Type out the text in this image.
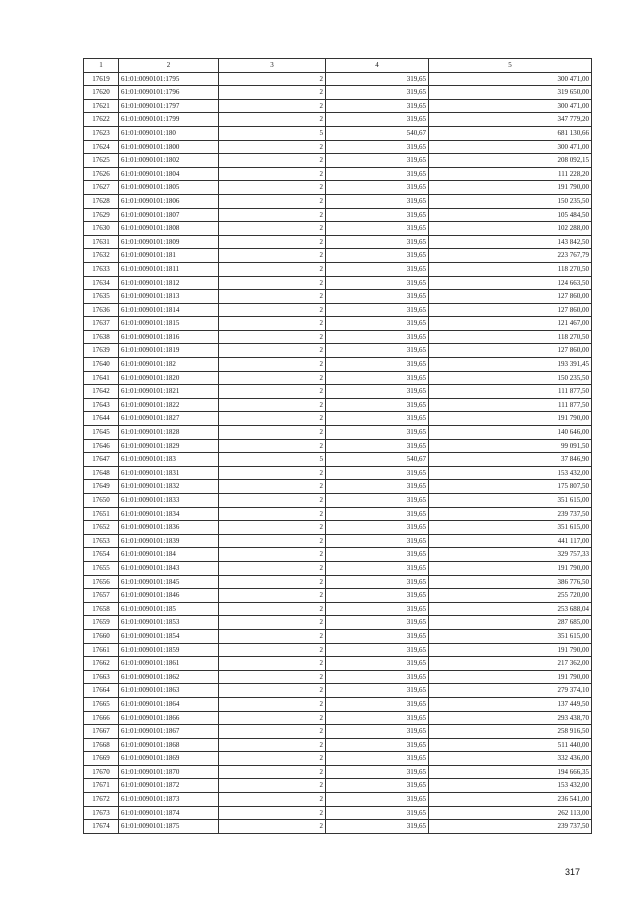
1	2	3	4	5
17619	61:01:0090101:1795	2	319,65	300 471,00
17620	61:01:0090101:1796	2	319,65	319 650,00
17621	61:01:0090101:1797	2	319,65	300 471,00
17622	61:01:0090101:1799	2	319,65	347 779,20
17623	61:01:0090101:180	5	540,67	681 130,66
17624	61:01:0090101:1800	2	319,65	300 471,00
17625	61:01:0090101:1802	2	319,65	208 092,15
17626	61:01:0090101:1804	2	319,65	111 228,20
17627	61:01:0090101:1805	2	319,65	191 790,00
17628	61:01:0090101:1806	2	319,65	150 235,50
17629	61:01:0090101:1807	2	319,65	105 484,50
17630	61:01:0090101:1808	2	319,65	102 288,00
17631	61:01:0090101:1809	2	319,65	143 842,50
17632	61:01:0090101:181	2	319,65	223 767,79
17633	61:01:0090101:1811	2	319,65	118 270,50
17634	61:01:0090101:1812	2	319,65	124 663,50
17635	61:01:0090101:1813	2	319,65	127 860,00
17636	61:01:0090101:1814	2	319,65	127 860,00
17637	61:01:0090101:1815	2	319,65	121 467,00
17638	61:01:0090101:1816	2	319,65	118 270,50
17639	61:01:0090101:1819	2	319,65	127 860,00
17640	61:01:0090101:182	2	319,65	193 391,45
17641	61:01:0090101:1820	2	319,65	150 235,50
17642	61:01:0090101:1821	2	319,65	111 877,50
17643	61:01:0090101:1822	2	319,65	111 877,50
17644	61:01:0090101:1827	2	319,65	191 790,00
17645	61:01:0090101:1828	2	319,65	140 646,00
17646	61:01:0090101:1829	2	319,65	99 091,50
17647	61:01:0090101:183	5	540,67	37 846,90
17648	61:01:0090101:1831	2	319,65	153 432,00
17649	61:01:0090101:1832	2	319,65	175 807,50
17650	61:01:0090101:1833	2	319,65	351 615,00
17651	61:01:0090101:1834	2	319,65	239 737,50
17652	61:01:0090101:1836	2	319,65	351 615,00
17653	61:01:0090101:1839	2	319,65	441 117,00
17654	61:01:0090101:184	2	319,65	329 757,33
17655	61:01:0090101:1843	2	319,65	191 790,00
17656	61:01:0090101:1845	2	319,65	386 776,50
17657	61:01:0090101:1846	2	319,65	255 720,00
17658	61:01:0090101:185	2	319,65	253 688,04
17659	61:01:0090101:1853	2	319,65	287 685,00
17660	61:01:0090101:1854	2	319,65	351 615,00
17661	61:01:0090101:1859	2	319,65	191 790,00
17662	61:01:0090101:1861	2	319,65	217 362,00
17663	61:01:0090101:1862	2	319,65	191 790,00
17664	61:01:0090101:1863	2	319,65	279 374,10
17665	61:01:0090101:1864	2	319,65	137 449,50
17666	61:01:0090101:1866	2	319,65	293 438,70
17667	61:01:0090101:1867	2	319,65	258 916,50
17668	61:01:0090101:1868	2	319,65	511 440,00
17669	61:01:0090101:1869	2	319,65	332 436,00
17670	61:01:0090101:1870	2	319,65	194 666,35
17671	61:01:0090101:1872	2	319,65	153 432,00
17672	61:01:0090101:1873	2	319,65	236 541,00
17673	61:01:0090101:1874	2	319,65	262 113,00
17674	61:01:0090101:1875	2	319,65	239 737,50
317
